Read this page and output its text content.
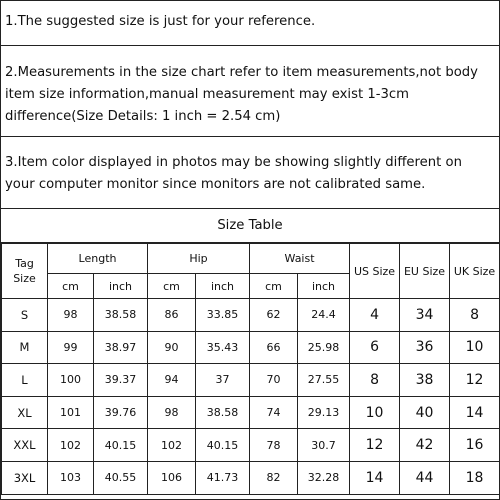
1.The suggested size is just for your reference.
2.Measurements in the size chart refer to item measurements,not body item size information,manual measurement may exist 1-3cm difference(Size Details: 1 inch = 2.54 cm)
3.Item color displayed in photos may be showing slightly different on your computer monitor since monitors are not calibrated same.
Size Table
Tag
Size	Length		Hip		Waist		US Size	EU Size	UK Size
	cm	inch	cm	inch	cm	inch			
S	98	38.58	86	33.85	62	24.4	4	34	8
M	99	38.97	90	35.43	66	25.98	6	36	10
L	100	39.37	94	37	70	27.55	8	38	12
XL	101	39.76	98	38.58	74	29.13	10	40	14
XXL	102	40.15	102	40.15	78	30.7	12	42	16
3XL	103	40.55	106	41.73	82	32.28	14	44	18
